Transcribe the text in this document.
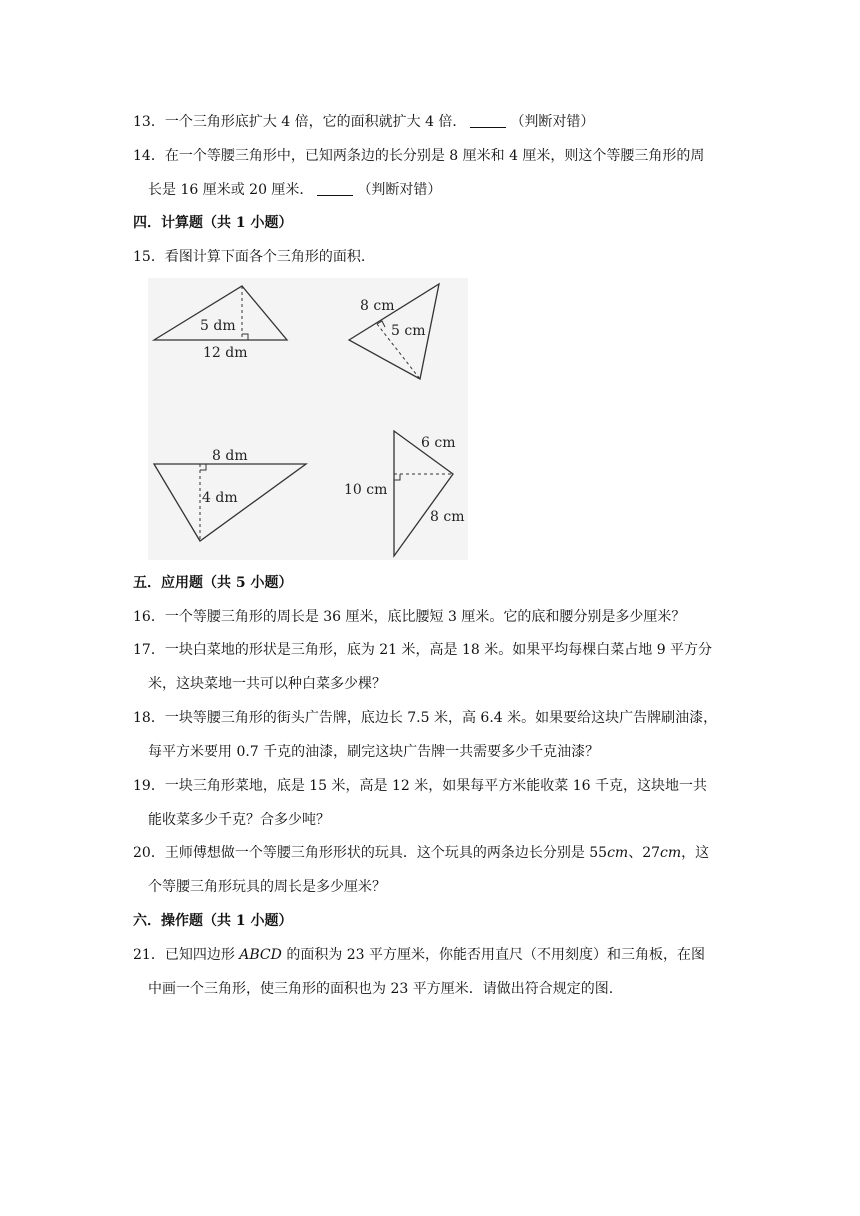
13．一个三角形底扩大 4 倍，它的面积就扩大 4 倍．	（判断对错）
14．在一个等腰三角形中，已知两条边的长分别是 8 厘米和 4 厘米，则这个等腰三角形的周
长是 16 厘米或 20 厘米．	（判断对错）
四．计算题（共 1 小题）
15．看图计算下面各个三角形的面积.
5 dm
12 dm
8 cm
5 cm
8 dm
4 dm
6 cm
10 cm
8 cm
五．应用题（共 5 小题）
16．一个等腰三角形的周长是 36 厘米，底比腰短 3 厘米。它的底和腰分别是多少厘米？
17．一块白菜地的形状是三角形，底为 21 米，高是 18 米。如果平均每棵白菜占地 9 平方分
米，这块菜地一共可以种白菜多少棵？
18．一块等腰三角形的街头广告牌，底边长 7.5 米，高 6.4 米。如果要给这块广告牌刷油漆，
每平方米要用 0.7 千克的油漆，刷完这块广告牌一共需要多少千克油漆？
19．一块三角形菜地，底是 15 米，高是 12 米，如果每平方米能收菜 16 千克，这块地一共
能收菜多少千克？合多少吨？
20．王师傅想做一个等腰三角形形状的玩具．这个玩具的两条边长分别是 55cm、27cm，这
个等腰三角形玩具的周长是多少厘米？
六．操作题（共 1 小题）
21．已知四边形 ABCD 的面积为 23 平方厘米，你能否用直尺（不用刻度）和三角板，在图
中画一个三角形，使三角形的面积也为 23 平方厘米．请做出符合规定的图.
